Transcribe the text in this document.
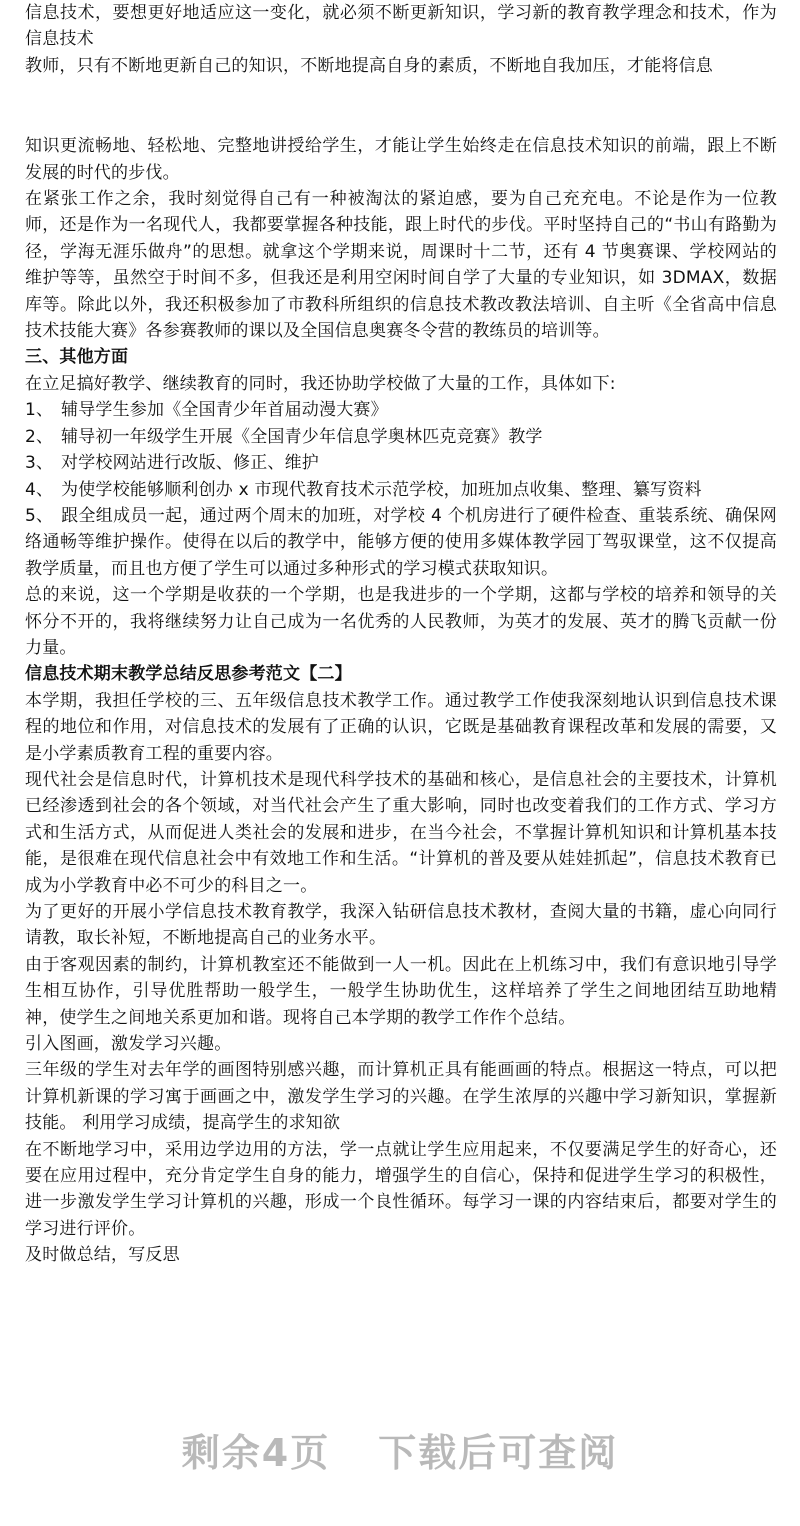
信息技术，要想更好地适应这一变化，就必须不断更新知识，学习新的教育教学理念和技术，作为信息技术

教师，只有不断地更新自己的知识，不断地提高自身的素质，不断地自我加压，才能将信息

知识更流畅地、轻松地、完整地讲授给学生，才能让学生始终走在信息技术知识的前端，跟上不断发展的时代的步伐。

在紧张工作之余，我时刻觉得自己有一种被淘汰的紧迫感，要为自己充充电。不论是作为一位教师，还是作为一名现代人，我都要掌握各种技能，跟上时代的步伐。平时坚持自己的“书山有路勤为径，学海无涯乐做舟”的思想。就拿这个学期来说，周课时十二节，还有 4 节奥赛课、学校网站的维护等等，虽然空于时间不多，但我还是利用空闲时间自学了大量的专业知识，如 3DMAX，数据库等。除此以外，我还积极参加了市教科所组织的信息技术教改教法培训、自主听《全省高中信息技术技能大赛》各参赛教师的课以及全国信息奥赛冬令营的教练员的培训等。

三、其他方面

在立足搞好教学、继续教育的同时，我还协助学校做了大量的工作，具体如下:

1、 辅导学生参加《全国青少年首届动漫大赛》

2、 辅导初一年级学生开展《全国青少年信息学奥林匹克竞赛》教学

3、 对学校网站进行改版、修正、维护

4、 为使学校能够顺利创办 x 市现代教育技术示范学校，加班加点收集、整理、纂写资料

5、 跟全组成员一起，通过两个周末的加班，对学校 4 个机房进行了硬件检查、重装系统、确保网络通畅等维护操作。使得在以后的教学中，能够方便的使用多媒体教学园丁驾驭课堂，这不仅提高教学质量，而且也方便了学生可以通过多种形式的学习模式获取知识。

总的来说，这一个学期是收获的一个学期，也是我进步的一个学期，这都与学校的培养和领导的关怀分不开的，我将继续努力让自己成为一名优秀的人民教师，为英才的发展、英才的腾飞贡献一份力量。

信息技术期末教学总结反思参考范文【二】

本学期，我担任学校的三、五年级信息技术教学工作。通过教学工作使我深刻地认识到信息技术课程的地位和作用，对信息技术的发展有了正确的认识，它既是基础教育课程改革和发展的需要，又是小学素质教育工程的重要内容。

现代社会是信息时代，计算机技术是现代科学技术的基础和核心，是信息社会的主要技术，计算机已经渗透到社会的各个领域，对当代社会产生了重大影响，同时也改变着我们的工作方式、学习方式和生活方式，从而促进人类社会的发展和进步，在当今社会，不掌握计算机知识和计算机基本技能，是很难在现代信息社会中有效地工作和生活。“计算机的普及要从娃娃抓起”，信息技术教育已成为小学教育中必不可少的科目之一。

为了更好的开展小学信息技术教育教学，我深入钻研信息技术教材，查阅大量的书籍，虚心向同行请教，取长补短，不断地提高自己的业务水平。

由于客观因素的制约，计算机教室还不能做到一人一机。因此在上机练习中，我们有意识地引导学生相互协作，引导优胜帮助一般学生，一般学生协助优生，这样培养了学生之间地团结互助地精神，使学生之间地关系更加和谐。现将自己本学期的教学工作作个总结。

引入图画，激发学习兴趣。

三年级的学生对去年学的画图特别感兴趣，而计算机正具有能画画的特点。根据这一特点，可以把计算机新课的学习寓于画画之中，激发学生学习的兴趣。在学生浓厚的兴趣中学习新知识，掌握新技能。 利用学习成绩，提高学生的求知欲

在不断地学习中，采用边学边用的方法，学一点就让学生应用起来，不仅要满足学生的好奇心，还要在应用过程中，充分肯定学生自身的能力，增强学生的自信心，保持和促进学生学习的积极性，进一步激发学生学习计算机的兴趣，形成一个良性循环。每学习一课的内容结束后，都要对学生的学习进行评价。

及时做总结，写反思

剩余4页 下载后可查阅
